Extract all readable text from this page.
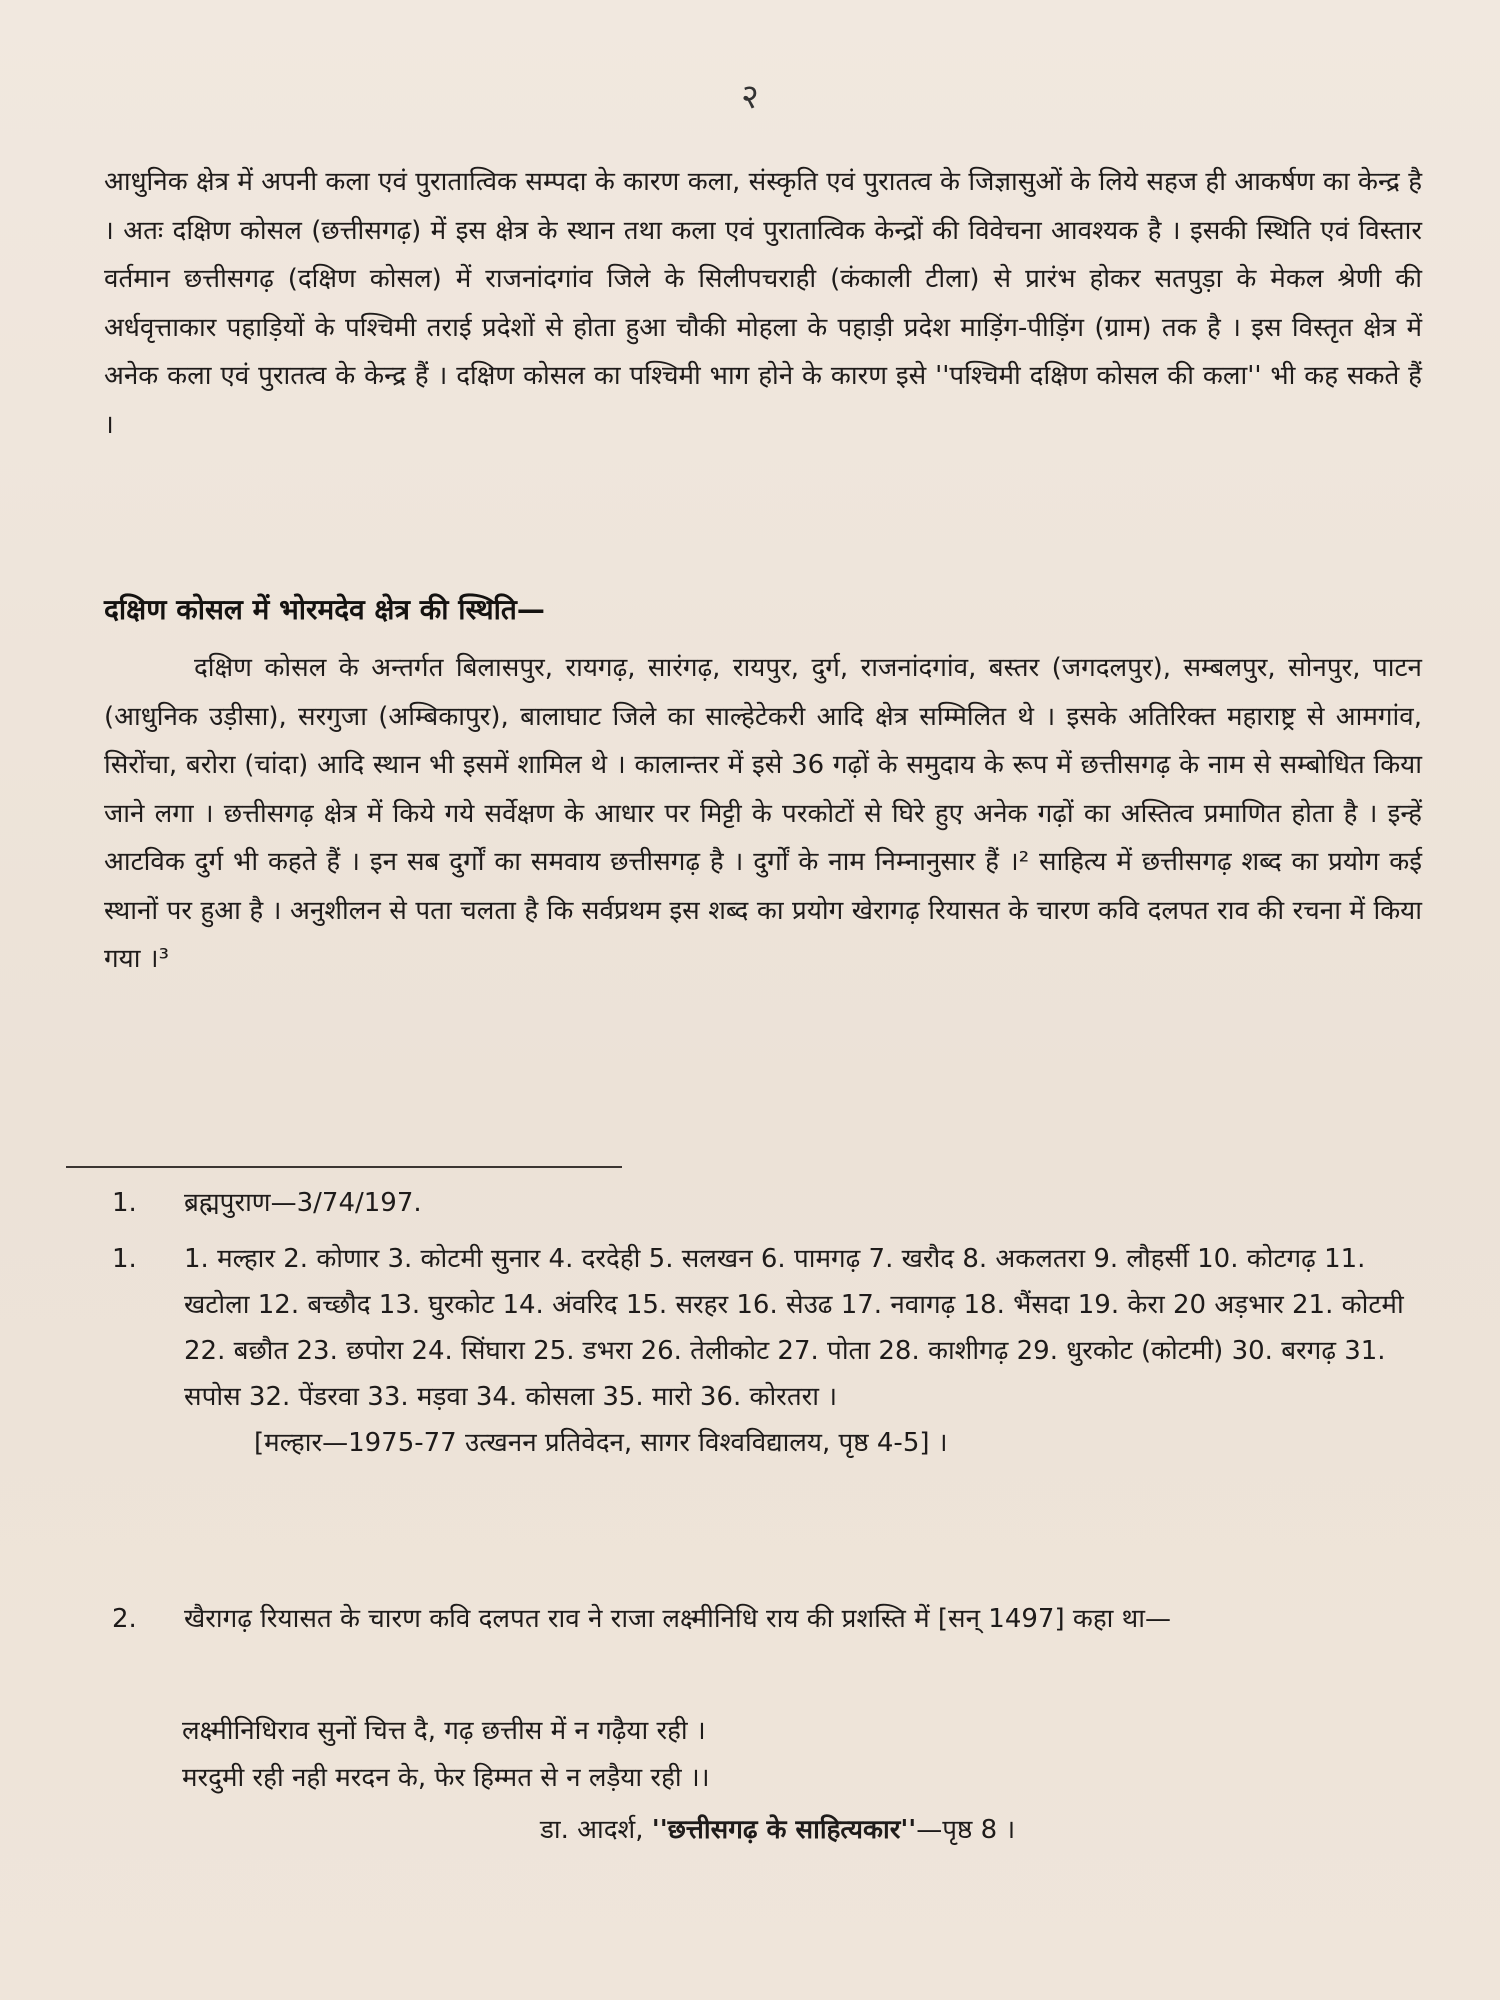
२

आधुनिक क्षेत्र में अपनी कला एवं पुरातात्विक सम्पदा के कारण कला, संस्कृति एवं पुरातत्व के जिज्ञासुओं के लिये सहज ही आकर्षण का केन्द्र है । अतः दक्षिण कोसल (छत्तीसगढ़) में इस क्षेत्र के स्थान तथा कला एवं पुरातात्विक केन्द्रों की विवेचना आवश्यक है । इसकी स्थिति एवं विस्तार वर्तमान छत्तीसगढ़ (दक्षिण कोसल) में राजनांदगांव जिले के सिलीपचराही (कंकाली टीला) से प्रारंभ होकर सतपुड़ा के मेकल श्रेणी की अर्धवृत्ताकार पहाड़ियों के पश्चिमी तराई प्रदेशों से होता हुआ चौकी मोहला के पहाड़ी प्रदेश माड़िंग-पीड़िंग (ग्राम) तक है । इस विस्तृत क्षेत्र में अनेक कला एवं पुरातत्व के केन्द्र हैं । दक्षिण कोसल का पश्चिमी भाग होने के कारण इसे ''पश्चिमी दक्षिण कोसल की कला'' भी कह सकते हैं ।

दक्षिण कोसल में भोरमदेव क्षेत्र की स्थिति—

दक्षिण कोसल के अन्तर्गत बिलासपुर, रायगढ़, सारंगढ़, रायपुर, दुर्ग, राजनांदगांव, बस्तर (जगदलपुर), सम्बलपुर, सोनपुर, पाटन (आधुनिक उड़ीसा), सरगुजा (अम्बिकापुर), बालाघाट जिले का साल्हेटेकरी आदि क्षेत्र सम्मिलित थे । इसके अतिरिक्त महाराष्ट्र से आमगांव, सिरोंचा, बरोरा (चांदा) आदि स्थान भी इसमें शामिल थे । कालान्तर में इसे 36 गढ़ों के समुदाय के रूप में छत्तीसगढ़ के नाम से सम्बोधित किया जाने लगा । छत्तीसगढ़ क्षेत्र में किये गये सर्वेक्षण के आधार पर मिट्टी के परकोटों से घिरे हुए अनेक गढ़ों का अस्तित्व प्रमाणित होता है । इन्हें आटविक दुर्ग भी कहते हैं । इन सब दुर्गों का समवाय छत्तीसगढ़ है । दुर्गों के नाम निम्नानुसार हैं ।² साहित्य में छत्तीसगढ़ शब्द का प्रयोग कई स्थानों पर हुआ है । अनुशीलन से पता चलता है कि सर्वप्रथम इस शब्द का प्रयोग खेरागढ़ रियासत के चारण कवि दलपत राव की रचना में किया गया ।³

1.	ब्रह्मपुराण—3/74/197.
1.	1. मल्हार 2. कोणार 3. कोटमी सुनार 4. दरदेही 5. सलखन 6. पामगढ़ 7. खरौद 8. अकलतरा 9. लौहर्सी 10. कोटगढ़ 11. खटोला 12. बच्छौद 13. घुरकोट 14. अंवरिद 15. सरहर 16. सेउढ 17. नवागढ़ 18. भैंसदा 19. केरा 20 अड़भार 21. कोटमी 22. बछौत 23. छपोरा 24. सिंघारा 25. डभरा 26. तेलीकोट 27. पोता 28. काशीगढ़ 29. धुरकोट (कोटमी) 30. बरगढ़ 31. सपोस 32. पेंडरवा 33. मड़वा 34. कोसला 35. मारो 36. कोरतरा ।
[मल्हार—1975-77 उत्खनन प्रतिवेदन, सागर विश्वविद्यालय, पृष्ठ 4-5] ।
2.	खैरागढ़ रियासत के चारण कवि दलपत राव ने राजा लक्ष्मीनिधि राय की प्रशस्ति में [सन् 1497] कहा था—
लक्ष्मीनिधिराव सुनों चित्त दै, गढ़ छत्तीस में न गढ़ैया रही ।
मरदुमी रही नही मरदन के, फेर हिम्मत से न लड़ैया रही ।।
डा. आदर्श, ''छत्तीसगढ़ के साहित्यकार''—पृष्ठ 8 ।
